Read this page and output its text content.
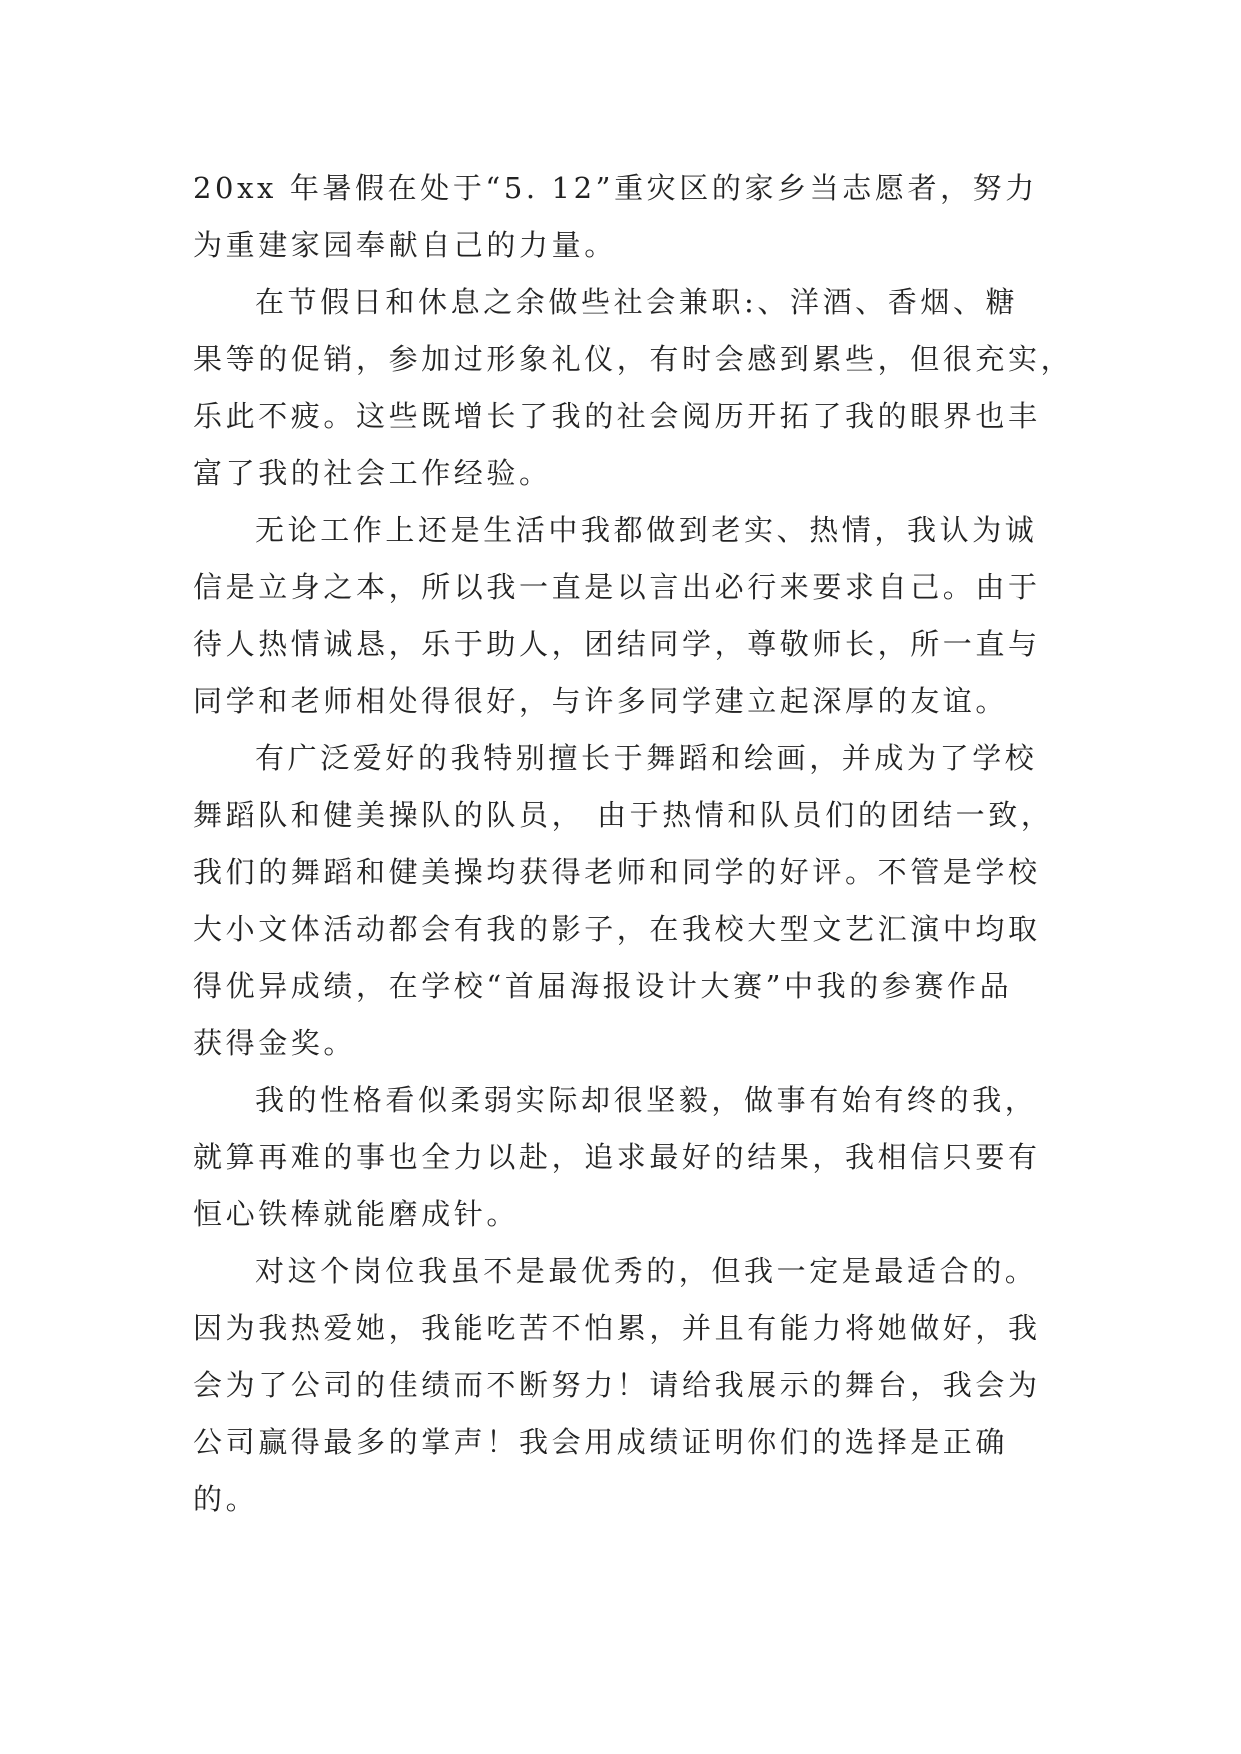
20xx 年暑假在处于“5. 12”重灾区的家乡当志愿者，努力
为重建家园奉献自己的力量。
在节假日和休息之余做些社会兼职:、洋酒、香烟、糖
果等的促销，参加过形象礼仪，有时会感到累些，但很充实，
乐此不疲。这些既增长了我的社会阅历开拓了我的眼界也丰
富了我的社会工作经验。
无论工作上还是生活中我都做到老实、热情，我认为诚
信是立身之本，所以我一直是以言出必行来要求自己。由于
待人热情诚恳，乐于助人，团结同学，尊敬师长，所一直与
同学和老师相处得很好，与许多同学建立起深厚的友谊。
有广泛爱好的我特别擅长于舞蹈和绘画，并成为了学校
舞蹈队和健美操队的队员， 由于热情和队员们的团结一致，
我们的舞蹈和健美操均获得老师和同学的好评。不管是学校
大小文体活动都会有我的影子，在我校大型文艺汇演中均取
得优异成绩，在学校“首届海报设计大赛”中我的参赛作品
获得金奖。
我的性格看似柔弱实际却很坚毅，做事有始有终的我，
就算再难的事也全力以赴，追求最好的结果，我相信只要有
恒心铁棒就能磨成针。
对这个岗位我虽不是最优秀的，但我一定是最适合的。
因为我热爱她，我能吃苦不怕累，并且有能力将她做好，我
会为了公司的佳绩而不断努力！请给我展示的舞台，我会为
公司赢得最多的掌声！我会用成绩证明你们的选择是正确
的。
